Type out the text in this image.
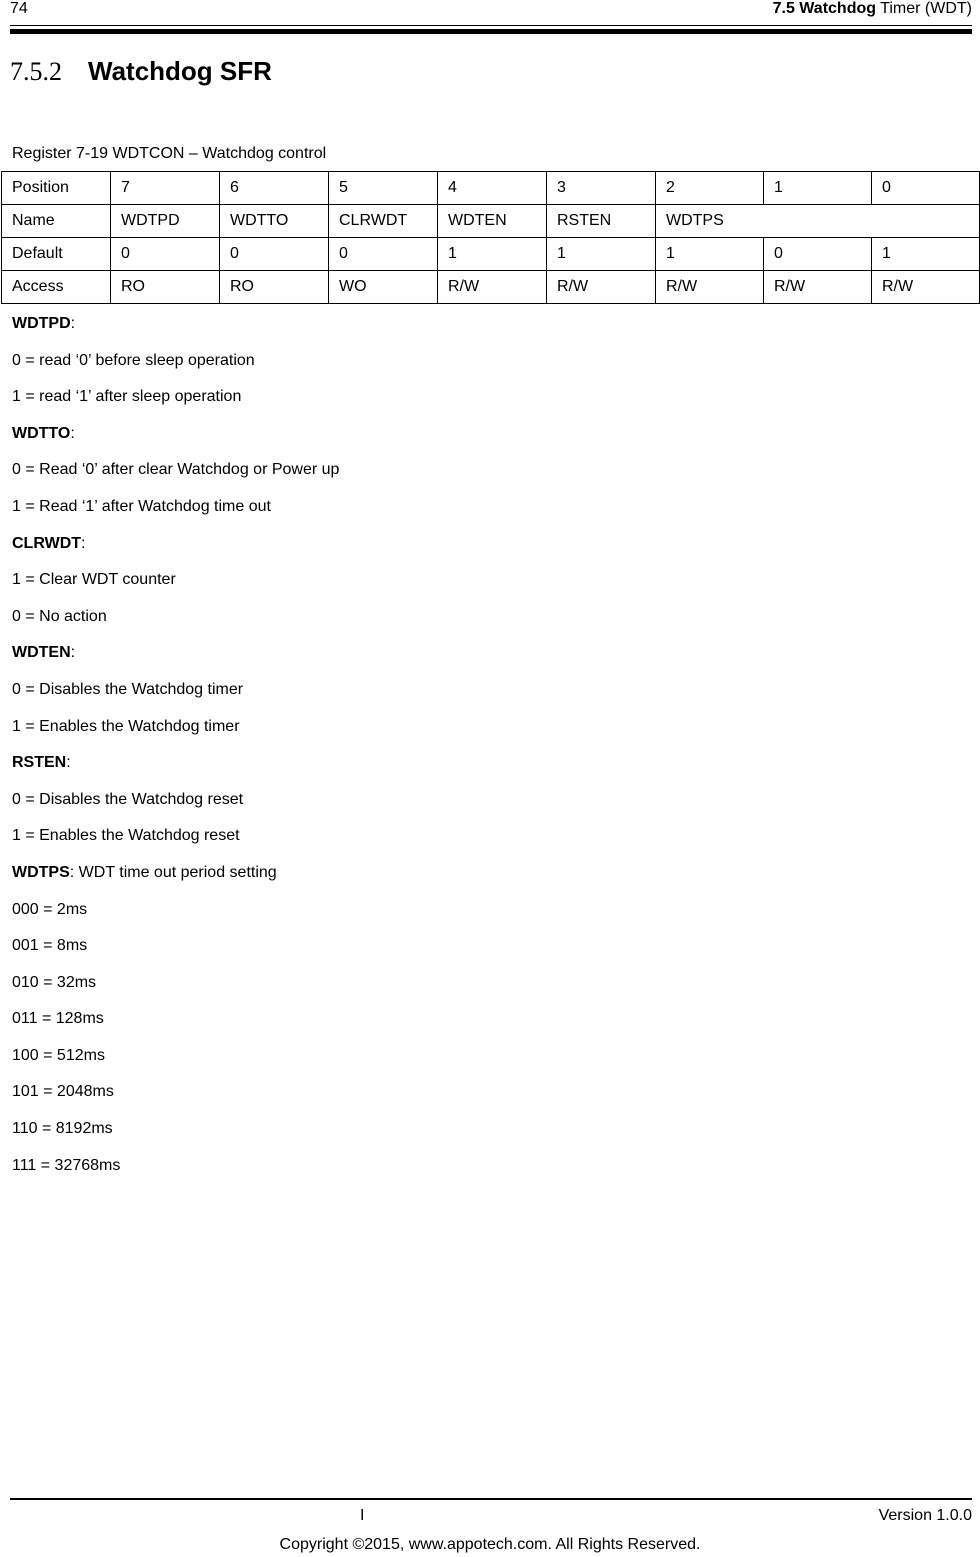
74	7.5 Watchdog Timer (WDT)
7.5.2 Watchdog SFR
Register 7-19 WDTCON – Watchdog control
Position	7	6	5	4	3	2	1	0
Name	WDTPD	WDTTO	CLRWDT	WDTEN	RSTEN	WDTPS		
Default	0	0	0	1	1	1	0	1
Access	RO	RO	WO	R/W	R/W	R/W	R/W	R/W
WDTPD:
0 = read ‘0’ before sleep operation
1 = read ‘1’ after sleep operation
WDTTO:
0 = Read ‘0’ after clear Watchdog or Power up
1 = Read ‘1’ after Watchdog time out
CLRWDT:
1 = Clear WDT counter
0 = No action
WDTEN:
0 = Disables the Watchdog timer
1 = Enables the Watchdog timer
RSTEN:
0 = Disables the Watchdog reset
1 = Enables the Watchdog reset
WDTPS: WDT time out period setting
000 = 2ms
001 = 8ms
010 = 32ms
011 = 128ms
100 = 512ms
101 = 2048ms
110 = 8192ms
111 = 32768ms
I	Version 1.0.0
Copyright ©2015, www.appotech.com. All Rights Reserved.
